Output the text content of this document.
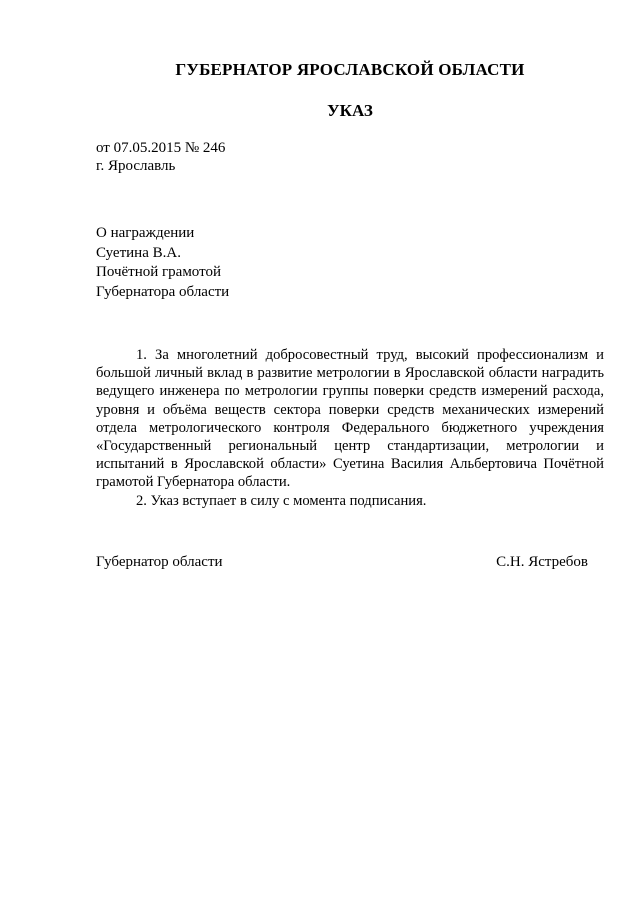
ГУБЕРНАТОР ЯРОСЛАВСКОЙ ОБЛАСТИ
УКАЗ
от 07.05.2015 № 246
г. Ярославль
О награждении
Суетина В.А.
Почётной грамотой
Губернатора области

1. За многолетний добросовестный труд, высокий профессионализм и большой личный вклад в развитие метрологии в Ярославской области наградить ведущего инженера по метрологии группы поверки средств измерений расхода, уровня и объёма веществ сектора поверки средств механических измерений отдела метрологического контроля Федерального бюджетного учреждения «Государственный региональный центр стандартизации, метрологии и испытаний в Ярославской области» Суетина Василия Альбертовича Почётной грамотой Губернатора области.

2. Указ вступает в силу с момента подписания.

Губернатор области	С.Н. Ястребов
